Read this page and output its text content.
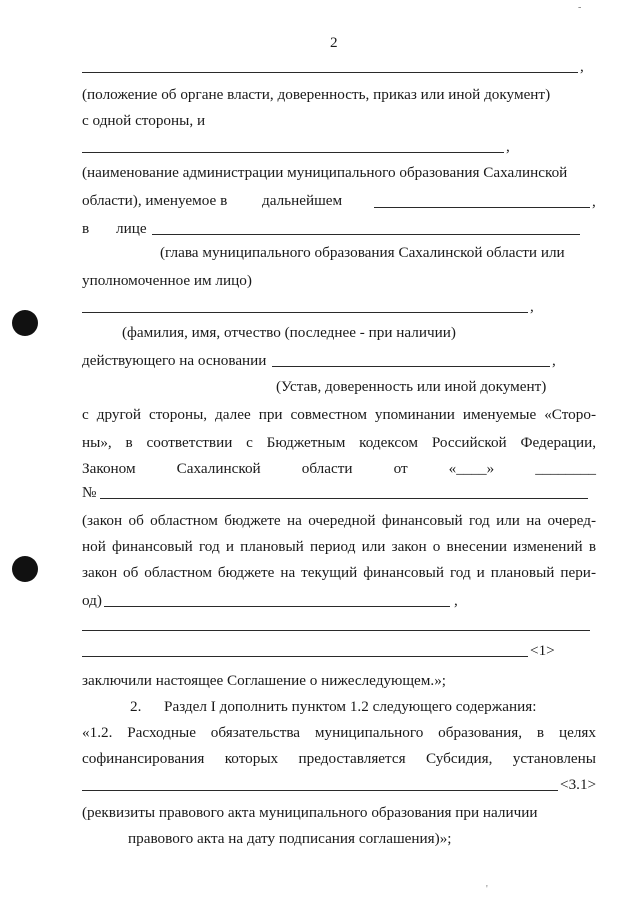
-
2
,
(положение об органе власти, доверенность, приказ или иной документ)
с одной стороны, и
,
(наименование администрации муниципального образования Сахалинской
области), именуемое в дальнейшем	,
в лице
(глава муниципального образования Сахалинской области или
уполномоченное им лицо)
,
(фамилия, имя, отчество (последнее - при наличии)
действующего на основании	,
(Устав, доверенность или иной документ)
с другой стороны, далее при совместном упоминании именуемые «Сторо-
ны», в соответствии с Бюджетным кодексом Российской Федерации,
Законом	Сахалинской	области	от	«____»	________
№
(закон об областном бюджете на очередной финансовый год или на очеред-
ной финансовый год и плановый период или закон о внесении изменений в
закон об областном бюджете на текущий финансовый год и плановый пери-
од)	,
<1>
заключили настоящее Соглашение о нижеследующем.»;
2. Раздел I дополнить пунктом 1.2 следующего содержания:
«1.2. Расходные обязательства муниципального образования, в целях
софинансирования которых предоставляется Субсидия, установлены
<3.1>
(реквизиты правового акта муниципального образования при наличии
правового акта на дату подписания соглашения)»;
'
